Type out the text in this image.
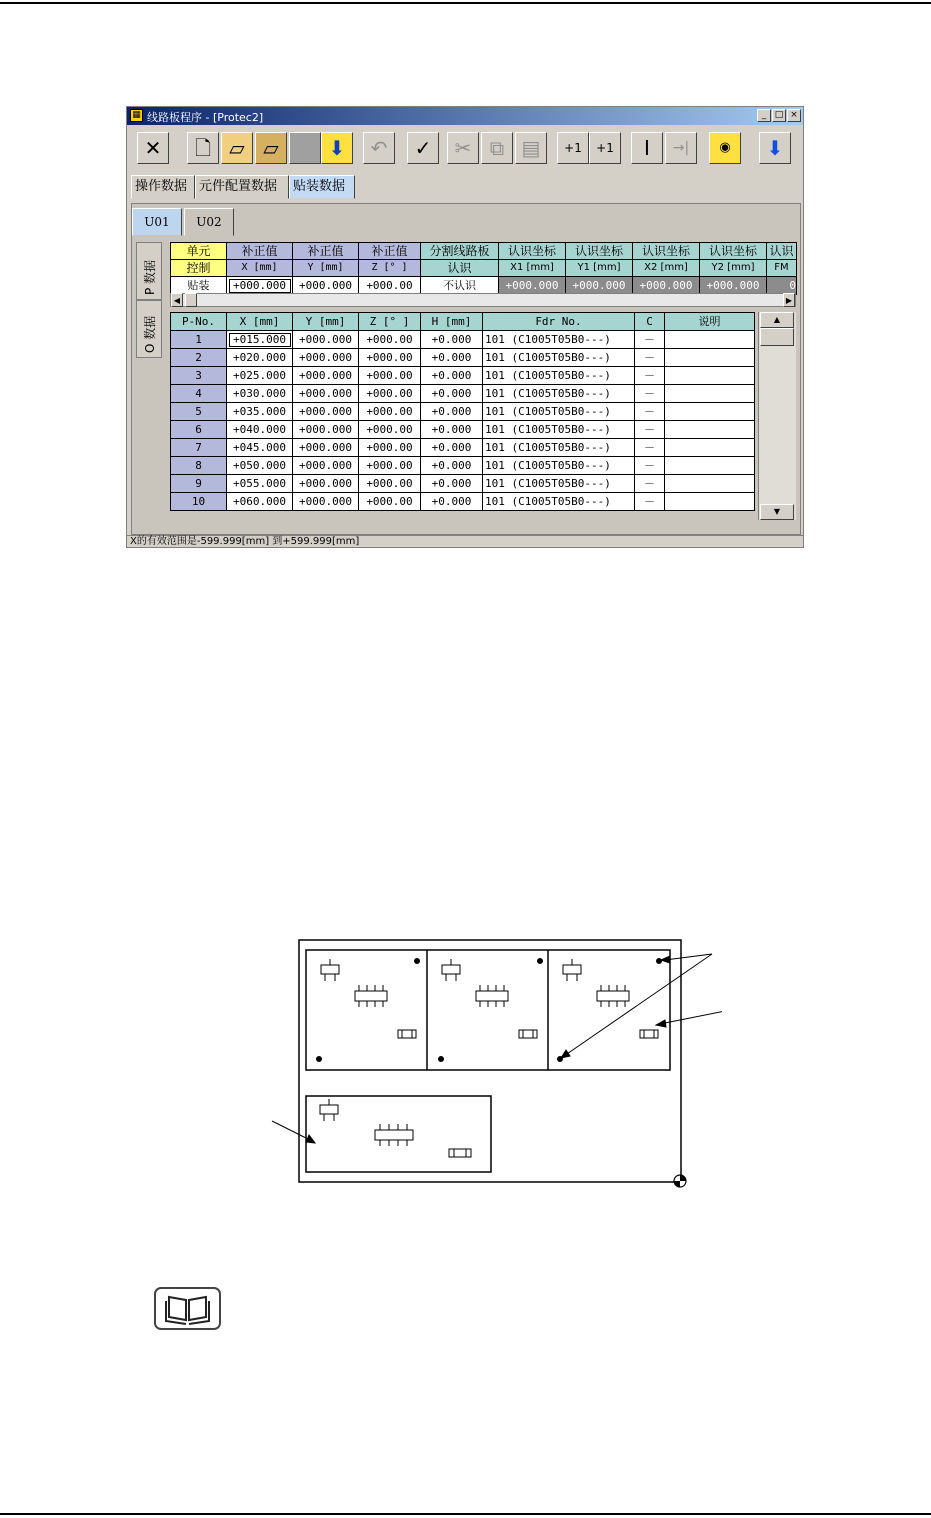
▦ 线路板程序 - [Protec2]	_ □ ×
✕	🗋 ▱ ▱	⬇	↶	✓	✂ ⧉ ▤	+1	+1	I	→|	◉	⬇
操作数据 元件配置数据	贴装数据
U01	U02
P 数据
O 数据
单元	补正值	补正值	补正值	分割线路板	认识坐标	认识坐标	认识坐标	认识坐标	认识
控制	X [mm]	Y [mm]	Z [° ]	认识	X1 [mm]	Y1 [mm]	X2 [mm]	Y2 [mm]	FM
贴装	+000.000	+000.000	+000.00	不认识	+000.000	+000.000	+000.000	+000.000	0
◀	▶
P-No.	X [mm]	Y [mm]	Z [° ]	H [mm]	Fdr No.	C	说明
1	+015.000	+000.000	+000.00	+0.000	101 (C1005T05B0---)	－	
2	+020.000	+000.000	+000.00	+0.000	101 (C1005T05B0---)	－	
3	+025.000	+000.000	+000.00	+0.000	101 (C1005T05B0---)	－	
4	+030.000	+000.000	+000.00	+0.000	101 (C1005T05B0---)	－	
5	+035.000	+000.000	+000.00	+0.000	101 (C1005T05B0---)	－	
6	+040.000	+000.000	+000.00	+0.000	101 (C1005T05B0---)	－	
7	+045.000	+000.000	+000.00	+0.000	101 (C1005T05B0---)	－	
8	+050.000	+000.000	+000.00	+0.000	101 (C1005T05B0---)	－	
9	+055.000	+000.000	+000.00	+0.000	101 (C1005T05B0---)	－	
10	+060.000	+000.000	+000.00	+0.000	101 (C1005T05B0---)	－	
▲
▼
X的有效范围是-599.999[mm] 到+599.999[mm]
